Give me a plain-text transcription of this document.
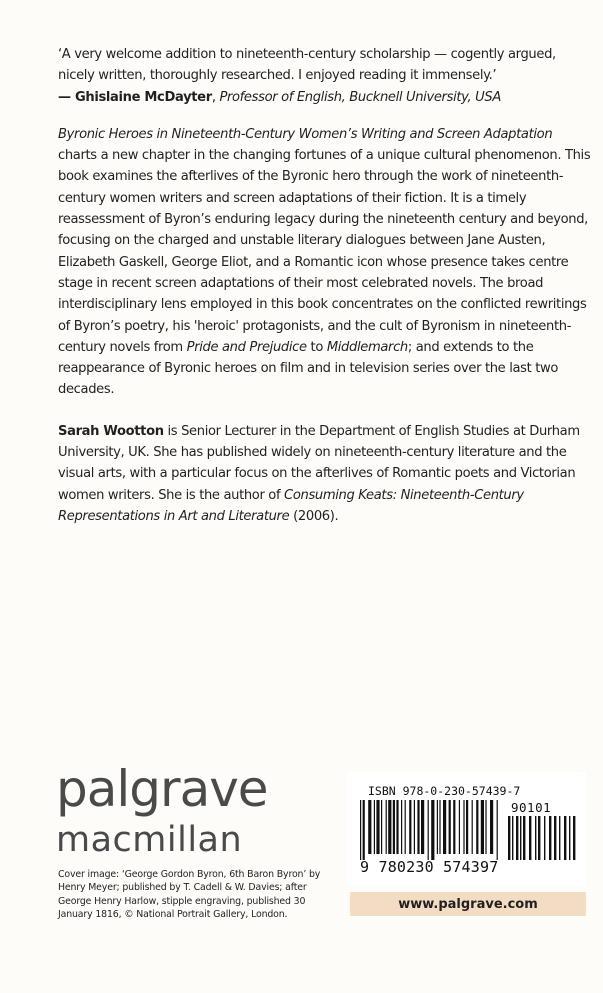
‘A very welcome addition to nineteenth-century scholarship — cogently argued, nicely written, thoroughly researched. I enjoyed reading it immensely.’
— Ghislaine McDayter, Professor of English, Bucknell University, USA

Byronic Heroes in Nineteenth-Century Women’s Writing and Screen Adaptation charts a new chapter in the changing fortunes of a unique cultural phenomenon. This book examines the afterlives of the Byronic hero through the work of nineteenth-century women writers and screen adaptations of their fiction. It is a timely reassessment of Byron’s enduring legacy during the nineteenth century and beyond, focusing on the charged and unstable literary dialogues between Jane Austen, Elizabeth Gaskell, George Eliot, and a Romantic icon whose presence takes centre stage in recent screen adaptations of their most celebrated novels. The broad interdisciplinary lens employed in this book concentrates on the conflicted rewritings of Byron’s poetry, his 'heroic' protagonists, and the cult of Byronism in nineteenth-century novels from Pride and Prejudice to Middlemarch; and extends to the reappearance of Byronic heroes on film and in television series over the last two decades.

Sarah Wootton is Senior Lecturer in the Department of English Studies at Durham University, UK. She has published widely on nineteenth-century literature and the visual arts, with a particular focus on the afterlives of Romantic poets and Victorian women writers. She is the author of Consuming Keats: Nineteenth-Century Representations in Art and Literature (2006).

palgrave
macmillan
Cover image: ‘George Gordon Byron, 6th Baron Byron’ by Henry Meyer; published by T. Cadell & W. Davies; after George Henry Harlow, stipple engraving, published 30 January 1816, © National Portrait Gallery, London.
ISBN 978-0-230-57439-7
90101
9 780230 574397
www.palgrave.com
